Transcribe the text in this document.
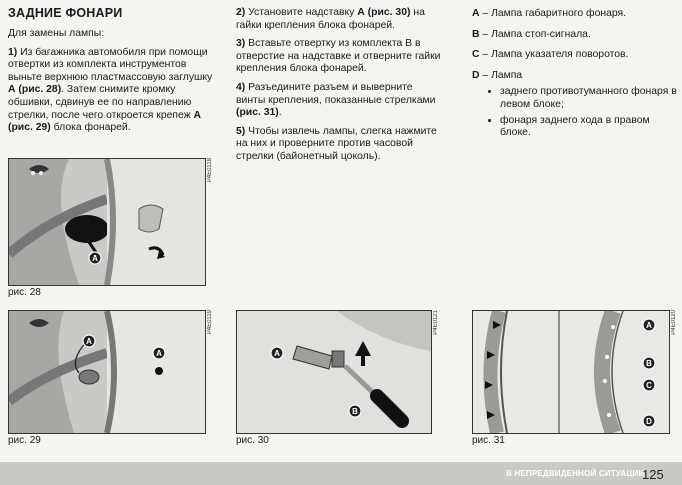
ЗАДНИЕ ФОНАРИ

Для замены лампы:

1) Из багажника автомобиля при помощи отвертки из комплекта инструментов выньте верхнюю пластмассовую заглушку А (рис. 28). Затем снимите кромку обшивки, сдвинув ее по направлению стрелки, после чего откроется крепеж А (рис. 29) блока фонарей.

2) Установите надставку А (рис. 30) на гайки крепления блока фонарей.

3) Вставьте отвертку из комплекта В в отверстие на надставке и отверните гайки крепления блока фонарей.

4) Разъедините разъем и выверните винты крепления, показанные стрелками (рис. 31).

5) Чтобы извлечь лампы, слегка нажмите на них и проверните против часовой стрелки (байонетный цоколь).

A – Лампа габаритного фонаря.

B – Лампа стоп-сигнала.

C – Лампа указателя поворотов.

D – Лампа

• заднего противотуманного фонаря в левом блоке;
• фонаря заднего хода в правом блоке.
A
P4E0118
рис. 28
A
A
P4E0119
рис. 29
A
B
P4E0121
рис. 30
A
B
C
D
P4E0120
рис. 31
В НЕПРЕДВИДЕННОЙ СИТУАЦИИ
125
